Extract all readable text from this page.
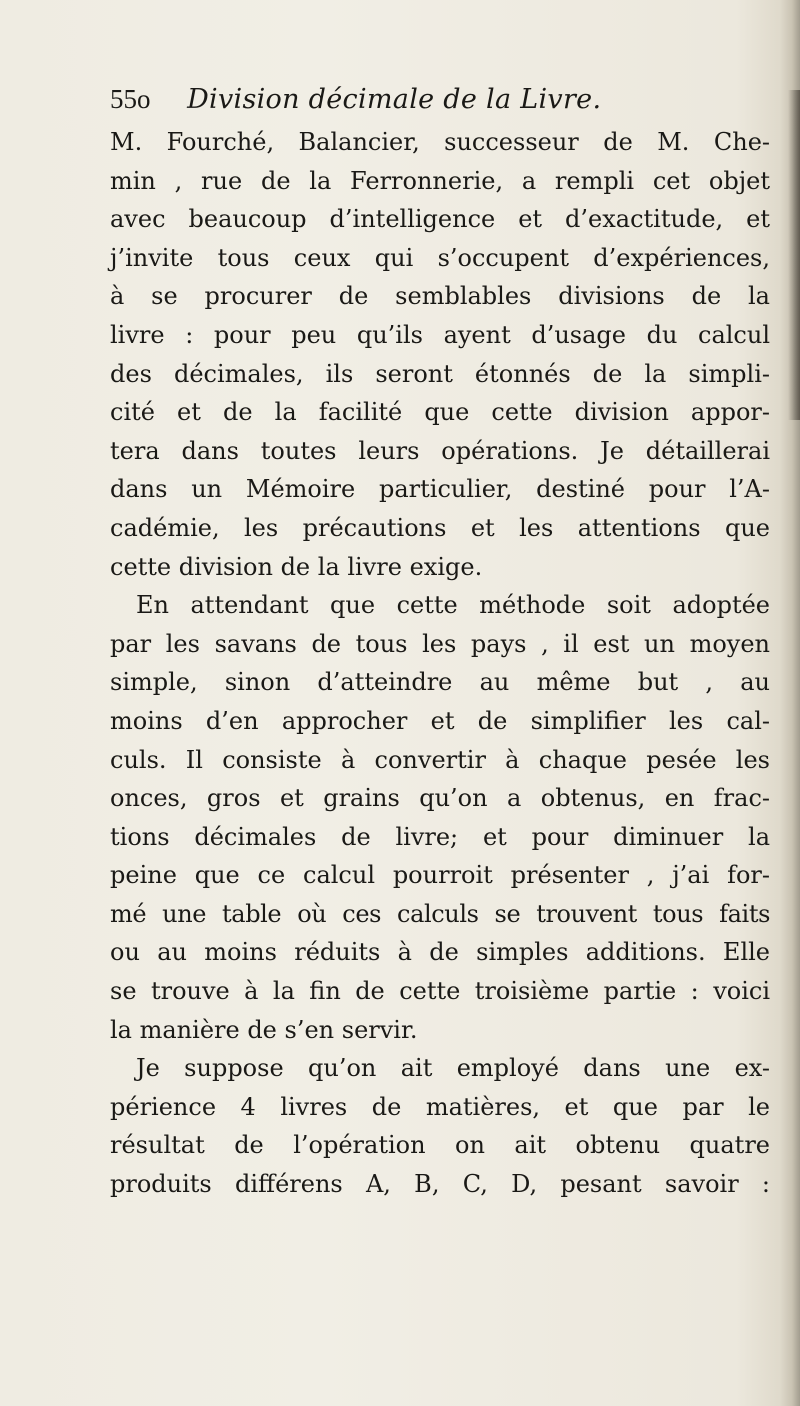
55o Division décimale de la Livre.
M. Fourché, Balancier, successeur de M. Che-
min , rue de la Ferronnerie, a rempli cet objet
avec beaucoup d’intelligence et d’exactitude, et
j’invite tous ceux qui s’occupent d’expériences,
à se procurer de semblables divisions de la
livre : pour peu qu’ils ayent d’usage du calcul
des décimales, ils seront étonnés de la simpli-
cité et de la facilité que cette division appor-
tera dans toutes leurs opérations. Je détaillerai
dans un Mémoire particulier, destiné pour l’A-
cadémie, les précautions et les attentions que
cette division de la livre exige.
En attendant que cette méthode soit adoptée
par les savans de tous les pays , il est un moyen
simple, sinon d’atteindre au même but , au
moins d’en approcher et de simplifier les cal-
culs. Il consiste à convertir à chaque pesée les
onces, gros et grains qu’on a obtenus, en frac-
tions décimales de livre; et pour diminuer la
peine que ce calcul pourroit présenter , j’ai for-
mé une table où ces calculs se trouvent tous faits
ou au moins réduits à de simples additions. Elle
se trouve à la fin de cette troisième partie : voici
la manière de s’en servir.
Je suppose qu’on ait employé dans une ex-
périence 4 livres de matières, et que par le
résultat de l’opération on ait obtenu quatre
produits différens A, B, C, D, pesant savoir :
